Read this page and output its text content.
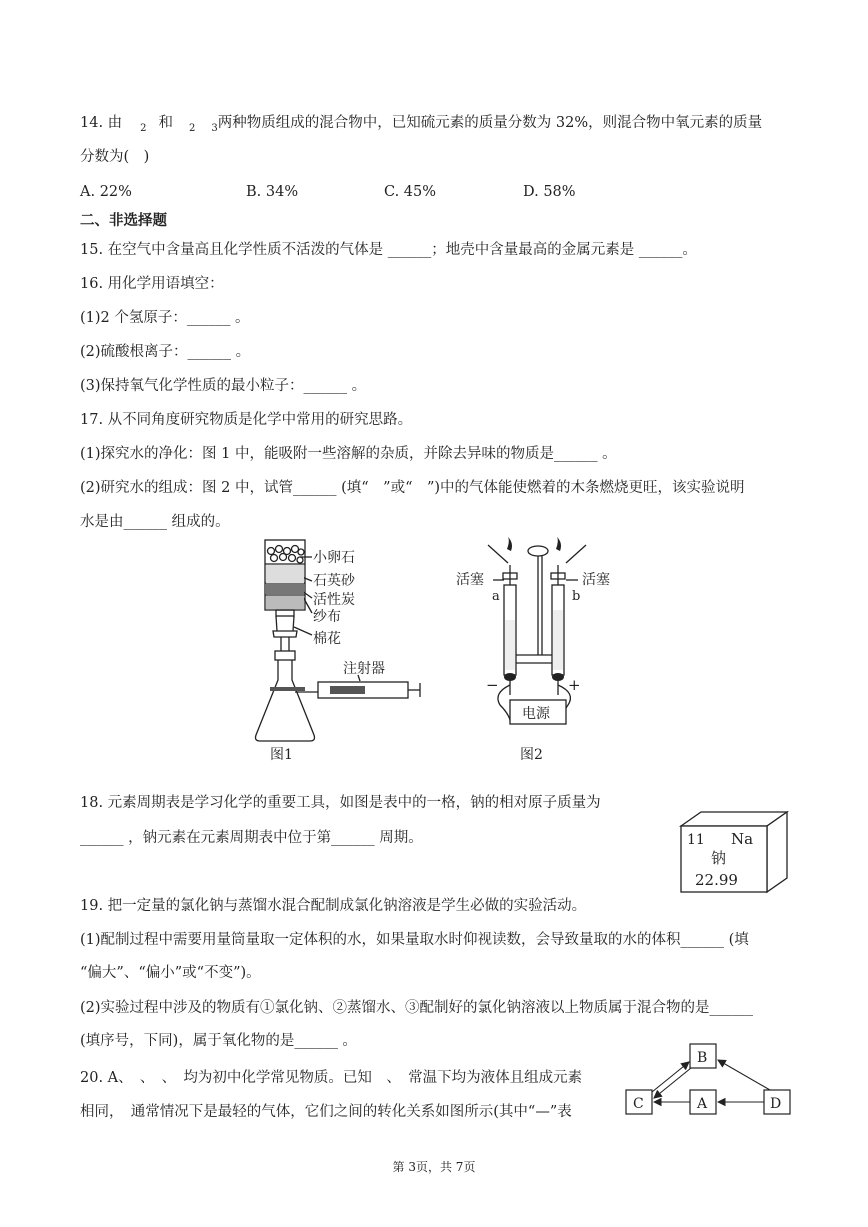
14. 由 $_2$ 和 $_2$ $_3$两种物质组成的混合物中，已知硫元素的质量分数为 32%，则混合物中氧元素的质量
分数为(　)
A. 22%	B. 34%	C. 45%	D. 58%
二、非选择题
15. 在空气中含量高且化学性质不活泼的气体是 ______；地壳中含量最高的金属元素是 ______。
16. 用化学用语填空：
(1)2 个氢原子：______ 。
(2)硫酸根离子：______ 。
(3)保持氧气化学性质的最小粒子：______ 。
17. 从不同角度研究物质是化学中常用的研究思路。
(1)探究水的净化：图 1 中，能吸附一些溶解的杂质，并除去异味的物质是______ 。
(2)研究水的组成：图 2 中，试管______ (填“　”或“　”)中的气体能使燃着的木条燃烧更旺，该实验说明
水是由______ 组成的。
小卵石
石英砂
活性炭
纱布
棉花
注射器
图1
活塞	活塞
a	b
−	+
电源
图2
18. 元素周期表是学习化学的重要工具，如图是表中的一格，钠的相对原子质量为
______ ，钠元素在元素周期表中位于第______ 周期。	11 Na
钠
22.99
19. 把一定量的氯化钠与蒸馏水混合配制成氯化钠溶液是学生必做的实验活动。
(1)配制过程中需要用量筒量取一定体积的水，如果量取水时仰视读数，会导致量取的水的体积______ (填
“偏大”、“偏小”或“不变”)。
(2)实验过程中涉及的物质有①氯化钠、②蒸馏水、③配制好的氯化钠溶液以上物质属于混合物的是______
(填序号，下同)，属于氧化物的是______ 。
20. A、　、　、　均为初中化学常见物质。已知　、　常温下均为液体且组成元素
相同，　通常情况下是最轻的气体，它们之间的转化关系如图所示(其中“—”表
B
C	A	D
第 3页，共 7页
